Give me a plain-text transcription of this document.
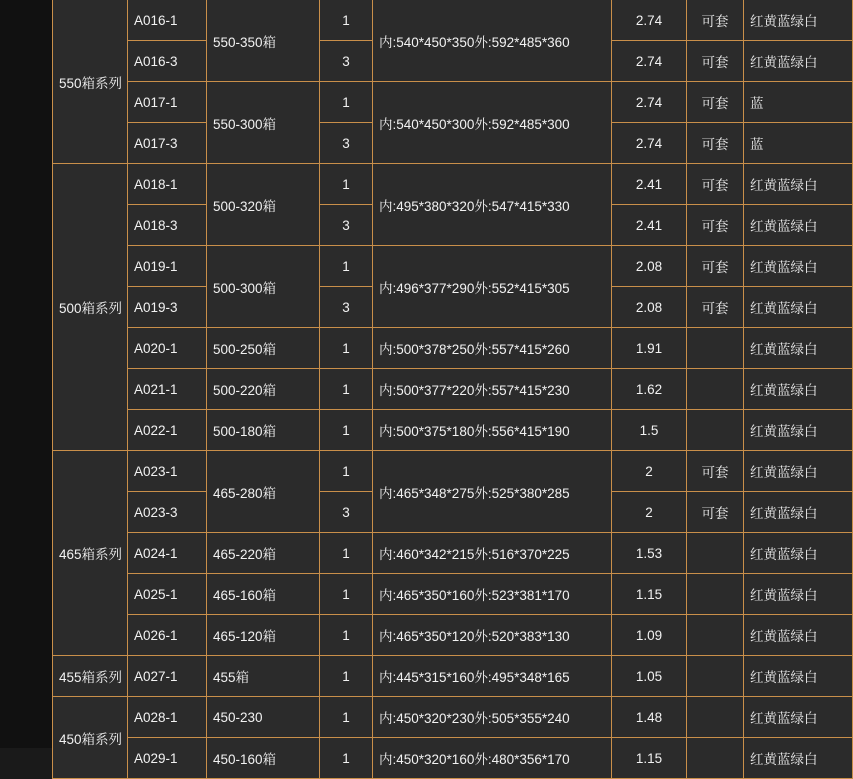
550箱系列	A016-1	550-350箱	1	内:540*450*350外:592*485*360	2.74	可套	红黄蓝绿白
	A016-3		3		2.74	可套	红黄蓝绿白
	A017-1	550-300箱	1	内:540*450*300外:592*485*300	2.74	可套	蓝
	A017-3		3		2.74	可套	蓝
500箱系列	A018-1	500-320箱	1	内:495*380*320外:547*415*330	2.41	可套	红黄蓝绿白
	A018-3		3		2.41	可套	红黄蓝绿白
	A019-1	500-300箱	1	内:496*377*290外:552*415*305	2.08	可套	红黄蓝绿白
	A019-3		3		2.08	可套	红黄蓝绿白
	A020-1	500-250箱	1	内:500*378*250外:557*415*260	1.91		红黄蓝绿白
	A021-1	500-220箱	1	内:500*377*220外:557*415*230	1.62		红黄蓝绿白
	A022-1	500-180箱	1	内:500*375*180外:556*415*190	1.5		红黄蓝绿白
465箱系列	A023-1	465-280箱	1	内:465*348*275外:525*380*285	2	可套	红黄蓝绿白
	A023-3		3		2	可套	红黄蓝绿白
	A024-1	465-220箱	1	内:460*342*215外:516*370*225	1.53		红黄蓝绿白
	A025-1	465-160箱	1	内:465*350*160外:523*381*170	1.15		红黄蓝绿白
	A026-1	465-120箱	1	内:465*350*120外:520*383*130	1.09		红黄蓝绿白
455箱系列	A027-1	455箱	1	内:445*315*160外:495*348*165	1.05		红黄蓝绿白
450箱系列	A028-1	450-230	1	内:450*320*230外:505*355*240	1.48		红黄蓝绿白
	A029-1	450-160箱	1	内:450*320*160外:480*356*170	1.15		红黄蓝绿白
